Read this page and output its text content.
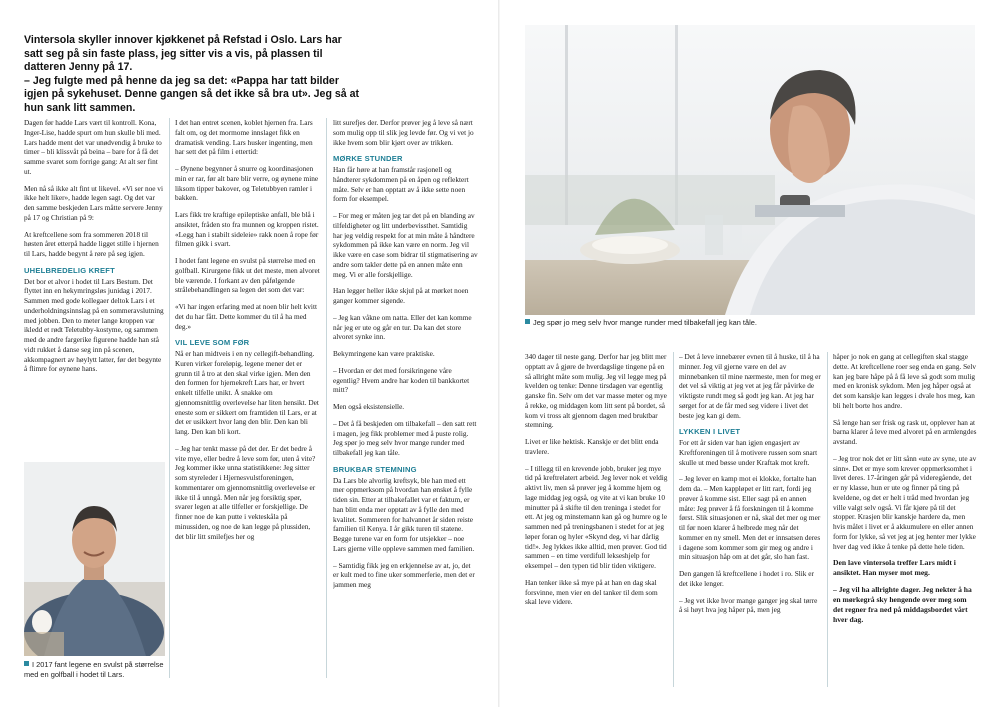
Vintersola skyller innover kjøkkenet på Refstad i Oslo. Lars har satt seg på sin faste plass, jeg sitter vis a vis, på plassen til datteren Jenny på 17.

– Jeg fulgte med på henne da jeg sa det: «Pappa har tatt bilder igjen på sykehuset. Denne gangen så det ikke så bra ut». Jeg så at hun sank litt sammen.

Dagen før hadde Lars vært til kontroll. Kona, Inger-Lise, hadde spurt om hun skulle bli med. Lars hadde ment det var unødvendig å bruke to timer – bli klissvåt på beina – bare for å få det samme svaret som forrige gang: At alt ser fint ut.

Men nå så ikke alt fint ut likevel. «Vi ser noe vi ikke helt liker», hadde legen sagt. Og det var den samme beskjeden Lars måtte servere Jenny på 17 og Christian på 9:

At kreftcellene som fra sommeren 2018 til høsten året etterpå hadde ligget stille i hjernen til Lars, hadde begynt å røre på seg igjen.

UHELBREDELIG KREFT

Det bor et alvor i hodet til Lars Bestum. Det flyttet inn en hekymringsløs junidag i 2017. Sammen med gode kollegaer deltok Lars i et underholdningsinnslag på en sommeravslutning med jobben. Den to meter lange kroppen var ikledd et rødt Teletubby-kostyme, og sammen med de andre fargerike figurene hadde han stå vidt rukket å danse seg inn på scenen, akkompagnert av høylytt latter, før det begynte å flimre for øynene hans.

I 2017 fant legene en svulst på størrelse med en golfball i hodet til Lars.

I det han entret scenen, koblet hjernen fra. Lars falt om, og det mormome innslaget fikk en dramatisk vending. Lars husker ingenting, men har sett det på film i ettertid:

– Øynene begynner å snurre og koordinasjonen min er rar, før alt bare blir verre, og øynene mine liksom tipper bakover, og Teletubbyen ramler i bakken.

Lars fikk tre kraftige epileptiske anfall, ble blå i ansiktet, fråden sto fra munnen og kroppen ristet. «Legg han i stabilt sideleie» rakk noen å rope før filmen gikk i svart.

I hodet fant legene en svulst på størrelse med en golfball. Kirurgene fikk ut det meste, men alvoret ble værende. I forkant av den påfølgende strålebehandlingen sa legen det som det var:

«Vi har ingen erfaring med at noen blir helt kvitt det du har fått. Dette kommer du til å ha med deg.»

VIL LEVE SOM FØR

Nå er han midtveis i en ny cellegift-behandling. Kuren virker foreløpig, legene mener det er grunn til å tro at den skal virke igjen. Men den den formen for hjernekreft Lars har, er hvert enkelt tilfelle unikt. Å snakke om gjennomsnittlig overlevelse har liten hensikt. Det eneste som er sikkert om framtiden til Lars, er at det er usikkert hvor lang den blir. Den kan bli lang. Den kan bli kort.

– Jeg har tenkt masse på det der. Er det bedre å vite mye, eller bedre å leve som før, uten å vite? Jeg kommer ikke unna statistikkene: Jeg sitter som styreleder i Hjernesvulstforeningen, kommentarer om gjennomsnittlig overlevelse er ikke til å unngå. Men når jeg forsiktig spør, svarer legen at alle tilfeller er forskjellige. De finner noe de kan putte i vekteskåla på minussiden, og noe de kan legge på plussiden, det blir litt smilefjes her og

litt surefjes der. Derfor prøver jeg å leve så nært som mulig opp til slik jeg levde før. Og vi vet jo ikke hvem som blir kjørt over av trikken.

MØRKE STUNDER

Han får høre at han framstår rasjonell og håndterer sykdommen på en åpen og reflektert måte. Selv er han opptatt av å ikke sette noen form for eksempel.

– For meg er måten jeg tar det på en blanding av tilfeldigheter og litt underbevissthet. Samtidig har jeg veldig respekt for at min måte å håndtere sykdommen på ikke kan være en norm. Jeg vil ikke være en case som bidrar til stigmatisering av andre som takler dette på en annen måte enn meg. Vi er alle forskjellige.

Han legger heller ikke skjul på at mørket noen ganger kommer sigende.

– Jeg kan våkne om natta. Eller det kan komme når jeg er ute og går en tur. Da kan det store alvoret synke inn.

Bekymringene kan være praktiske.

– Hvordan er det med forsikringene våre egentlig? Hvem andre har koden til bankkortet mitt?

Men også eksistensielle.

– Det å få beskjeden om tilbakefall – den satt rett i magen, jeg fikk problemer med å puste rolig. Jeg spør jo meg selv hvor mange runder med tilbakefall jeg kan tåle.

BRUKBAR STEMNING

Da Lars ble alvorlig kreftsyk, ble han med ett mer oppmerksom på hvordan han ønsket å fylle tiden sin. Etter at tilbakefallet var et faktum, er han blitt enda mer opptatt av å fylle den med kvalitet. Sommeren for halvannet år siden reiste familien til Kenya. I år gikk turen til statene. Begge turene var en form for utsjekker – noe Lars gjerne ville oppleve sammen med familien.

– Samtidig fikk jeg en erkjennelse av at, jo, det er kult med to fine uker sommerferie, men det er jammen meg

Jeg spør jo meg selv hvor mange runder med tilbakefall jeg kan tåle.

340 dager til neste gang. Derfor har jeg blitt mer opptatt av å gjøre de hverdagslige tingene på en så allright måte som mulig. Jeg vil legge meg på kvelden og tenke: Denne tirsdagen var egentlig ganske fin. Selv om det var masse møter og mye å rekke, og middagen kom litt sent på bordet, så kom vi tross alt gjennom dagen med bruktbar stemning.

Livet er like hektisk. Kanskje er det blitt enda travlere.

– I tillegg til en krevende jobb, bruker jeg mye tid på kreftrelatert arbeid. Jeg lever nok et veldig aktivt liv, men så prøver jeg å komme hjem og lage middag jeg også, og vite at vi kan bruke 10 minutter på å skifte til den treninga i stedet for ett. At jeg og minstemann kan gå og humre og le sammen ned på treningsbanen i stedet for at jeg løper foran og hyler «Skynd deg, vi har dårlig tid!». Jeg lykkes ikke alltid, men prøver. God tid sammen – en time verdifull lekseshjelp for eksempel – den typen tid blir tiden viktigere.

Han tenker ikke så mye på at han en dag skal forsvinne, men vier en del tanker til dem som skal leve videre.

– Det å leve innebærer evnen til å huske, til å ha minner. Jeg vil gjerne være en del av minnebanken til mine nærmeste, men for meg er det vel så viktig at jeg vet at jeg får påvirke de viktigste rundt meg så godt jeg kan. At jeg har sørget for at de får med seg videre i livet det beste jeg kan gi dem.

LYKKEN I LIVET

For ett år siden var han igjen engasjert av Kreftforeningen til å motivere russen som snart skulle ut med bøsse under Kraftak mot kreft.

– Jeg lever en kamp mot ei klokke, fortalte han dem da. – Men kappløpet er litt rart, fordi jeg prøver å komme sist. Eller sagt på en annen måte: Jeg prøver å få forskningen til å komme først. Slik situasjonen er nå, skal det mer og mer til før noen klarer å helbrede meg når det kommer en ny smell. Men det er innsatsen deres i dagene som kommer som gir meg og andre i min situasjon håp om at det går, slo han fast.

Den gangen lå kreftcellene i hodet i ro. Slik er det ikke lenger.

– Jeg vet ikke hvor mange ganger jeg skal tørre å si høyt hva jeg håper på, men jeg

håper jo nok en gang at cellegiften skal stagge dette. At kreftcellene roer seg enda en gang. Selv kan jeg bare håpe på å få leve så godt som mulig med en kronisk sykdom. Men jeg håper også at det som kanskje kan legges i dvale hos meg, kan bli helt borte hos andre.

Så lenge han ser frisk og rask ut, opplever han at barna klarer å leve med alvoret på en armlengdes avstand.

– Jeg tror nok det er litt sånn «ute av syne, ute av sinn». Det er mye som krever oppmerksomhet i livet deres. 17-åringen går på videregående, det er ny klasse, hun er ute og finner på ting på kveldene, og det er helt i tråd med hvordan jeg ville valgt selv også. Vi får kjøre på til det stopper. Krasjen blir kanskje hardere da, men hvis målet i livet er å akkumulere en eller annen form for lykke, så vet jeg at jeg henter mer lykke hver dag ved ikke å tenke på dette hele tiden.

Den lave vintersola treffer Lars midt i ansiktet. Han myser mot meg.

– Jeg vil ha allrighte dager. Jeg nekter å ha en mørkegrå sky hengende over meg som det regner fra ned på middagsbordet vårt hver dag.
